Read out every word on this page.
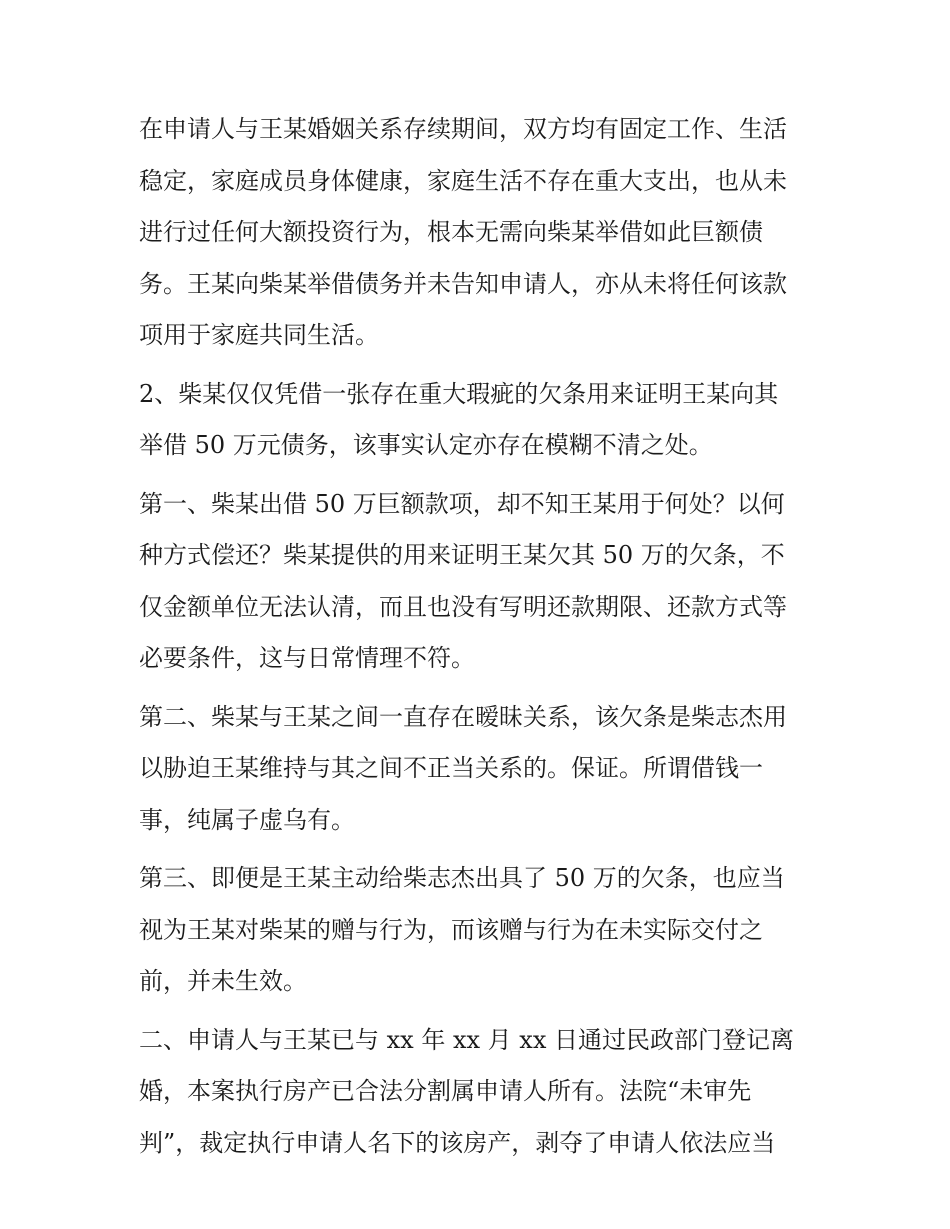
在申请人与王某婚姻关系存续期间，双方均有固定工作、生活
稳定，家庭成员身体健康，家庭生活不存在重大支出，也从未
进行过任何大额投资行为，根本无需向柴某举借如此巨额债
务。王某向柴某举借债务并未告知申请人，亦从未将任何该款
项用于家庭共同生活。
2、柴某仅仅凭借一张存在重大瑕疵的欠条用来证明王某向其
举借 50 万元债务，该事实认定亦存在模糊不清之处。
第一、柴某出借 50 万巨额款项，却不知王某用于何处？以何
种方式偿还？柴某提供的用来证明王某欠其 50 万的欠条，不
仅金额单位无法认清，而且也没有写明还款期限、还款方式等
必要条件，这与日常情理不符。
第二、柴某与王某之间一直存在暧昧关系，该欠条是柴志杰用
以胁迫王某维持与其之间不正当关系的。保证。所谓借钱一
事，纯属子虚乌有。
第三、即便是王某主动给柴志杰出具了 50 万的欠条，也应当
视为王某对柴某的赠与行为，而该赠与行为在未实际交付之
前，并未生效。
二、申请人与王某已与 xx 年 xx 月 xx 日通过民政部门登记离
婚，本案执行房产已合法分割属申请人所有。法院“未审先
判”，裁定执行申请人名下的该房产，剥夺了申请人依法应当
